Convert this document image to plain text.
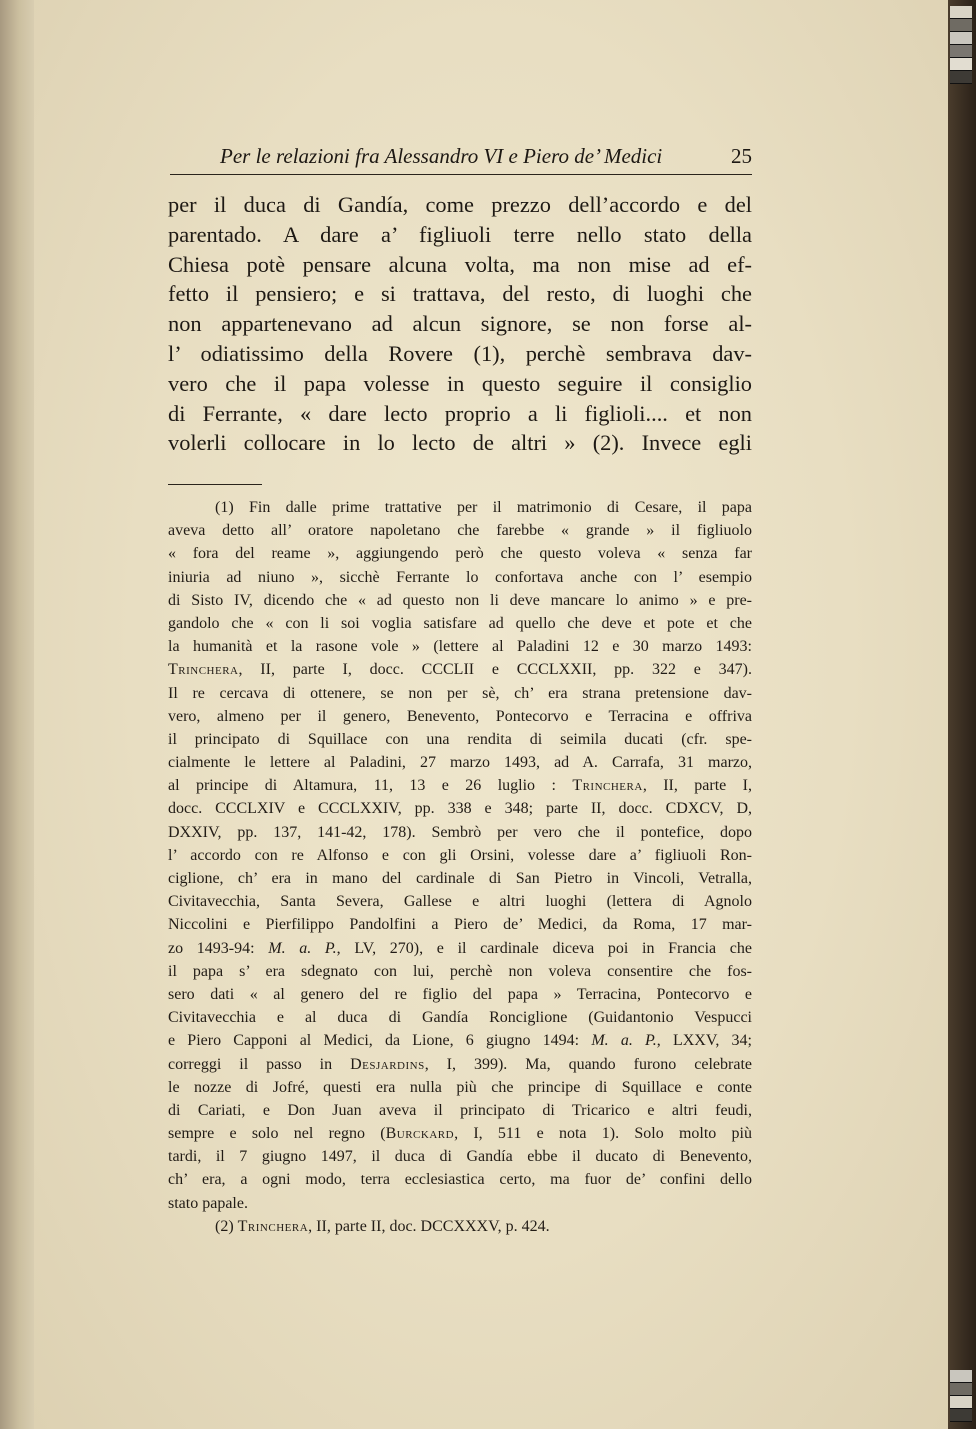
Per le relazioni fra Alessandro VI e Piero de’ Medici	25
per il duca di Gandía, come prezzo dell’accordo e del
parentado. A dare a’ figliuoli terre nello stato della
Chiesa potè pensare alcuna volta, ma non mise ad ef-
fetto il pensiero; e si trattava, del resto, di luoghi che
non appartenevano ad alcun signore, se non forse al-
l’ odiatissimo della Rovere (1), perchè sembrava dav-
vero che il papa volesse in questo seguire il consiglio
di Ferrante, « dare lecto proprio a li figlioli.... et non
volerli collocare in lo lecto de altri » (2). Invece egli
(1) Fin dalle prime trattative per il matrimonio di Cesare, il papa
aveva detto all’ oratore napoletano che farebbe « grande » il figliuolo
« fora del reame », aggiungendo però che questo voleva « senza far
iniuria ad niuno », sicchè Ferrante lo confortava anche con l’ esempio
di Sisto IV, dicendo che « ad questo non li deve mancare lo animo » e pre-
gandolo che « con li soi voglia satisfare ad quello che deve et pote et che
la humanità et la rasone vole » (lettere al Paladini 12 e 30 marzo 1493:
Trinchera, II, parte I, docc. CCCLII e CCCLXXII, pp. 322 e 347).
Il re cercava di ottenere, se non per sè, ch’ era strana pretensione dav-
vero, almeno per il genero, Benevento, Pontecorvo e Terracina e offriva
il principato di Squillace con una rendita di seimila ducati (cfr. spe-
cialmente le lettere al Paladini, 27 marzo 1493, ad A. Carrafa, 31 marzo,
al principe di Altamura, 11, 13 e 26 luglio : Trinchera, II, parte I,
docc. CCCLXIV e CCCLXXIV, pp. 338 e 348; parte II, docc. CDXCV, D,
DXXIV, pp. 137, 141-42, 178). Sembrò per vero che il pontefice, dopo
l’ accordo con re Alfonso e con gli Orsini, volesse dare a’ figliuoli Ron-
ciglione, ch’ era in mano del cardinale di San Pietro in Vincoli, Vetralla,
Civitavecchia, Santa Severa, Gallese e altri luoghi (lettera di Agnolo
Niccolini e Pierfilippo Pandolfini a Piero de’ Medici, da Roma, 17 mar-
zo 1493-94: M. a. P., LV, 270), e il cardinale diceva poi in Francia che
il papa s’ era sdegnato con lui, perchè non voleva consentire che fos-
sero dati « al genero del re figlio del papa » Terracina, Pontecorvo e
Civitavecchia e al duca di Gandía Ronciglione (Guidantonio Vespucci
e Piero Capponi al Medici, da Lione, 6 giugno 1494: M. a. P., LXXV, 34;
correggi il passo in Desjardins, I, 399). Ma, quando furono celebrate
le nozze di Jofré, questi era nulla più che principe di Squillace e conte
di Cariati, e Don Juan aveva il principato di Tricarico e altri feudi,
sempre e solo nel regno (Burckard, I, 511 e nota 1). Solo molto più
tardi, il 7 giugno 1497, il duca di Gandía ebbe il ducato di Benevento,
ch’ era, a ogni modo, terra ecclesiastica certo, ma fuor de’ confini dello
stato papale.
(2) Trinchera, II, parte II, doc. DCCXXXV, p. 424.
